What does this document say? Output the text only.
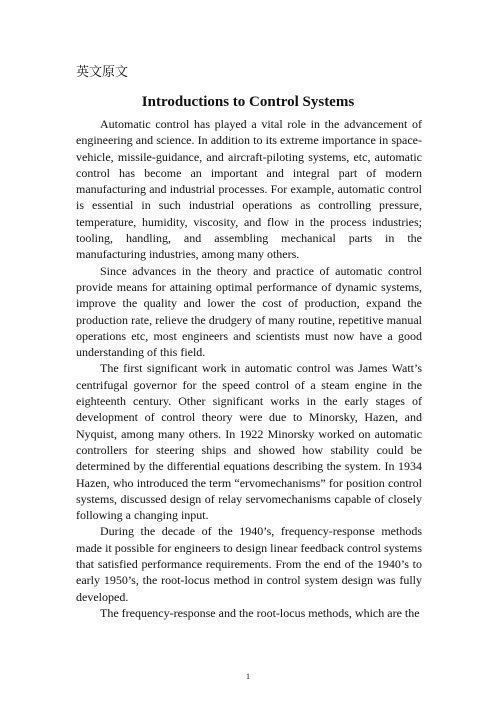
英文原文
Introductions to Control Systems

Automatic control has played a vital role in the advancement of engineering and science. In addition to its extreme importance in space-vehicle, missile-guidance, and aircraft-piloting systems, etc, automatic control has become an important and integral part of modern manufacturing and industrial processes. For example, automatic control is essential in such industrial operations as controlling pressure, temperature, humidity, viscosity, and flow in the process industries; tooling, handling, and assembling mechanical parts in the manufacturing industries, among many others.

Since advances in the theory and practice of automatic control provide means for attaining optimal performance of dynamic systems, improve the quality and lower the cost of production, expand the production rate, relieve the drudgery of many routine, repetitive manual operations etc, most engineers and scientists must now have a good understanding of this field.

The first significant work in automatic control was James Watt’s centrifugal governor for the speed control of a steam engine in the eighteenth century. Other significant works in the early stages of development of control theory were due to Minorsky, Hazen, and Nyquist, among many others. In 1922 Minorsky worked on automatic controllers for steering ships and showed how stability could be determined by the differential equations describing the system. In 1934 Hazen, who introduced the term “ervomechanisms” for position control systems, discussed design of relay servomechanisms capable of closely following a changing input.

During the decade of the 1940’s, frequency-response methods made it possible for engineers to design linear feedback control systems that satisfied performance requirements. From the end of the 1940’s to early 1950’s, the root-locus method in control system design was fully developed.

The frequency-response and the root-locus methods, which are the

1
